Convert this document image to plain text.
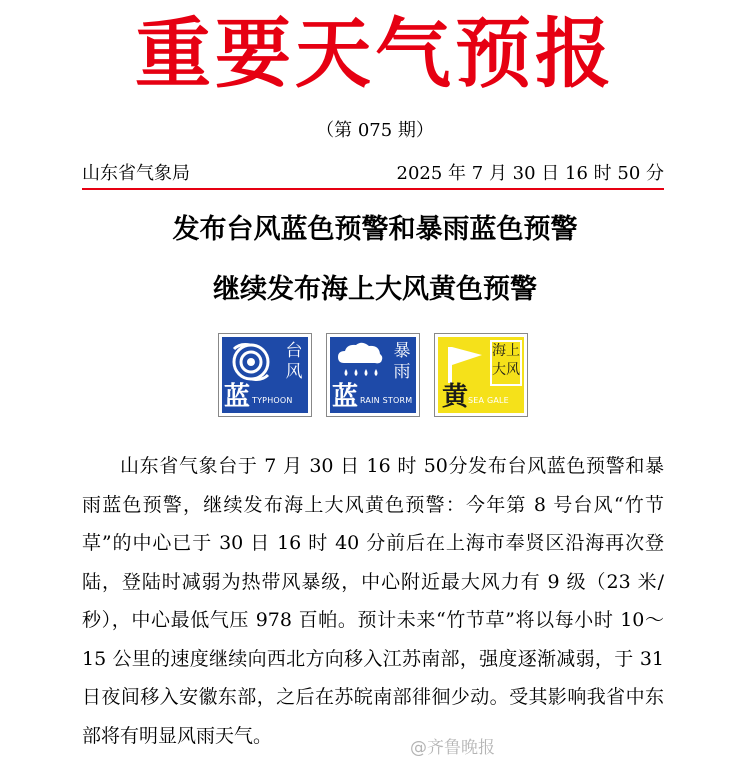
重要天气预报
（第 075 期）
山东省气象局	2025 年 7 月 30 日 16 时 50 分
发布台风蓝色预警和暴雨蓝色预警
继续发布海上大风黄色预警
台
风
蓝 TYPHOON
暴
雨
蓝 RAIN STORM
海上
大风
黄 SEA GALE

山东省气象台于 7 月 30 日 16 时 50分发布台风蓝色预警和暴雨蓝色预警，继续发布海上大风黄色预警：今年第 8 号台风“竹节草”的中心已于 30 日 16 时 40 分前后在上海市奉贤区沿海再次登陆，登陆时减弱为热带风暴级，中心附近最大风力有 9 级（23 米/秒），中心最低气压 978 百帕。预计未来“竹节草”将以每小时 10～15 公里的速度继续向西北方向移入江苏南部，强度逐渐减弱，于 31 日夜间移入安徽东部，之后在苏皖南部徘徊少动。受其影响我省中东部将有明显风雨天气。

@齐鲁晚报
